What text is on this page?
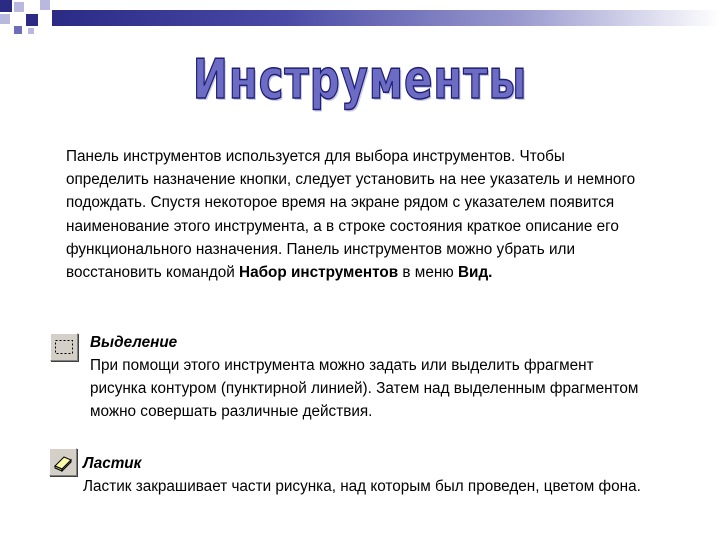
Инструменты
Панель инструментов используется для выбора инструментов. Чтобы определить назначение кнопки, следует установить на нее указатель и немного подождать. Спустя некоторое время на экране рядом с указателем появится наименование этого инструмента, а в строке состояния краткое описание его функционального назначения. Панель инструментов можно убрать или восстановить командой Набор инструментов в меню Вид.
Выделение
При помощи этого инструмента можно задать или выделить фрагмент рисунка контуром (пунктирной линией). Затем над выделенным фрагментом можно совершать различные действия.
Ластик
Ластик закрашивает части рисунка, над которым был проведен, цветом фона.
